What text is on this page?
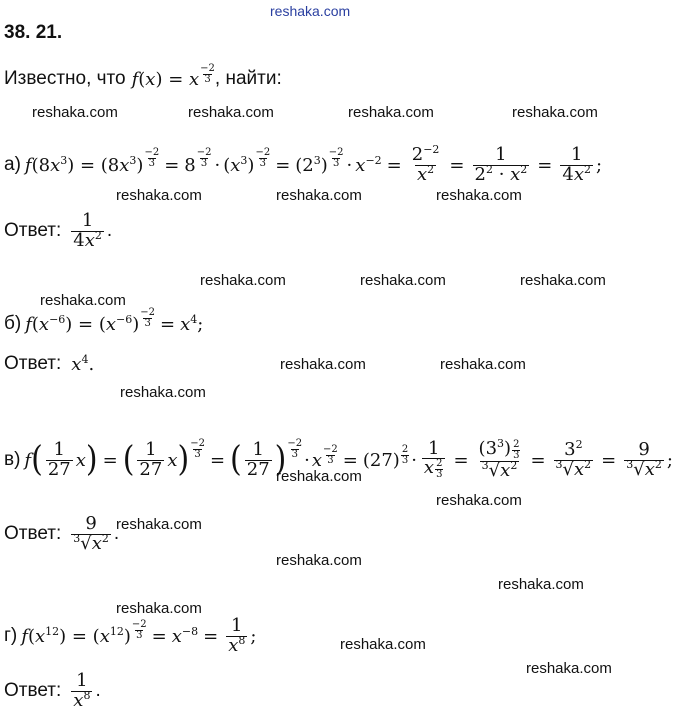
reshaka.com
38. 21.
Известно, что f(x) = x
−2
3 , найти:
reshaka.com	reshaka.com	reshaka.com	reshaka.com
а) $f(8x^3) = (8x^3) \frac{-2}{3} = 8$
−2
$3 \cdot (x^3) \frac{-2}{3} = (2^3)$
−2
$3 \cdot x^{-2} = \frac{2^{-2}}{x^2} = \frac{1}{2^2 \cdot x^2} = \frac{1}{4x^2}$ ;
reshaka.com	reshaka.com	reshaka.com
Ответ: $\frac{1}{4x^2}$ .
reshaka.com	reshaka.com	reshaka.com
reshaka.com
б) $f(x^{-6}) = (x^{-6}) \frac{-2}{3} = x^4$;
Ответ: $x^4$.	reshaka.com	reshaka.com
reshaka.com
в) f ( $\frac{1}{27}$ x ) = ( $\frac{1}{27}$ x ) $\frac{-2}{3}$
= ( $\frac{1}{27}$ ) −2
3 · x $\frac{-2}{3} = (27)$
2
$3 \cdot \frac{1}{x \frac{2}{3}} = \frac{(3^3) \frac{2}{3}}{^3√x^2} = \frac{3^2}{^3√x^2} = \frac{9}{^3√x^2}$ ;
reshaka.com
reshaka.com
Ответ: $\frac{9}{^3√x^2}$ .
reshaka.com
reshaka.com
reshaka.com
reshaka.com
г) $f(x^{12}) = (x^{12}) \frac{-2}{3} = x^{-8} = \frac{1}{x^8}$ ;	reshaka.com
reshaka.com
Ответ: $\frac{1}{x^8}$ .
